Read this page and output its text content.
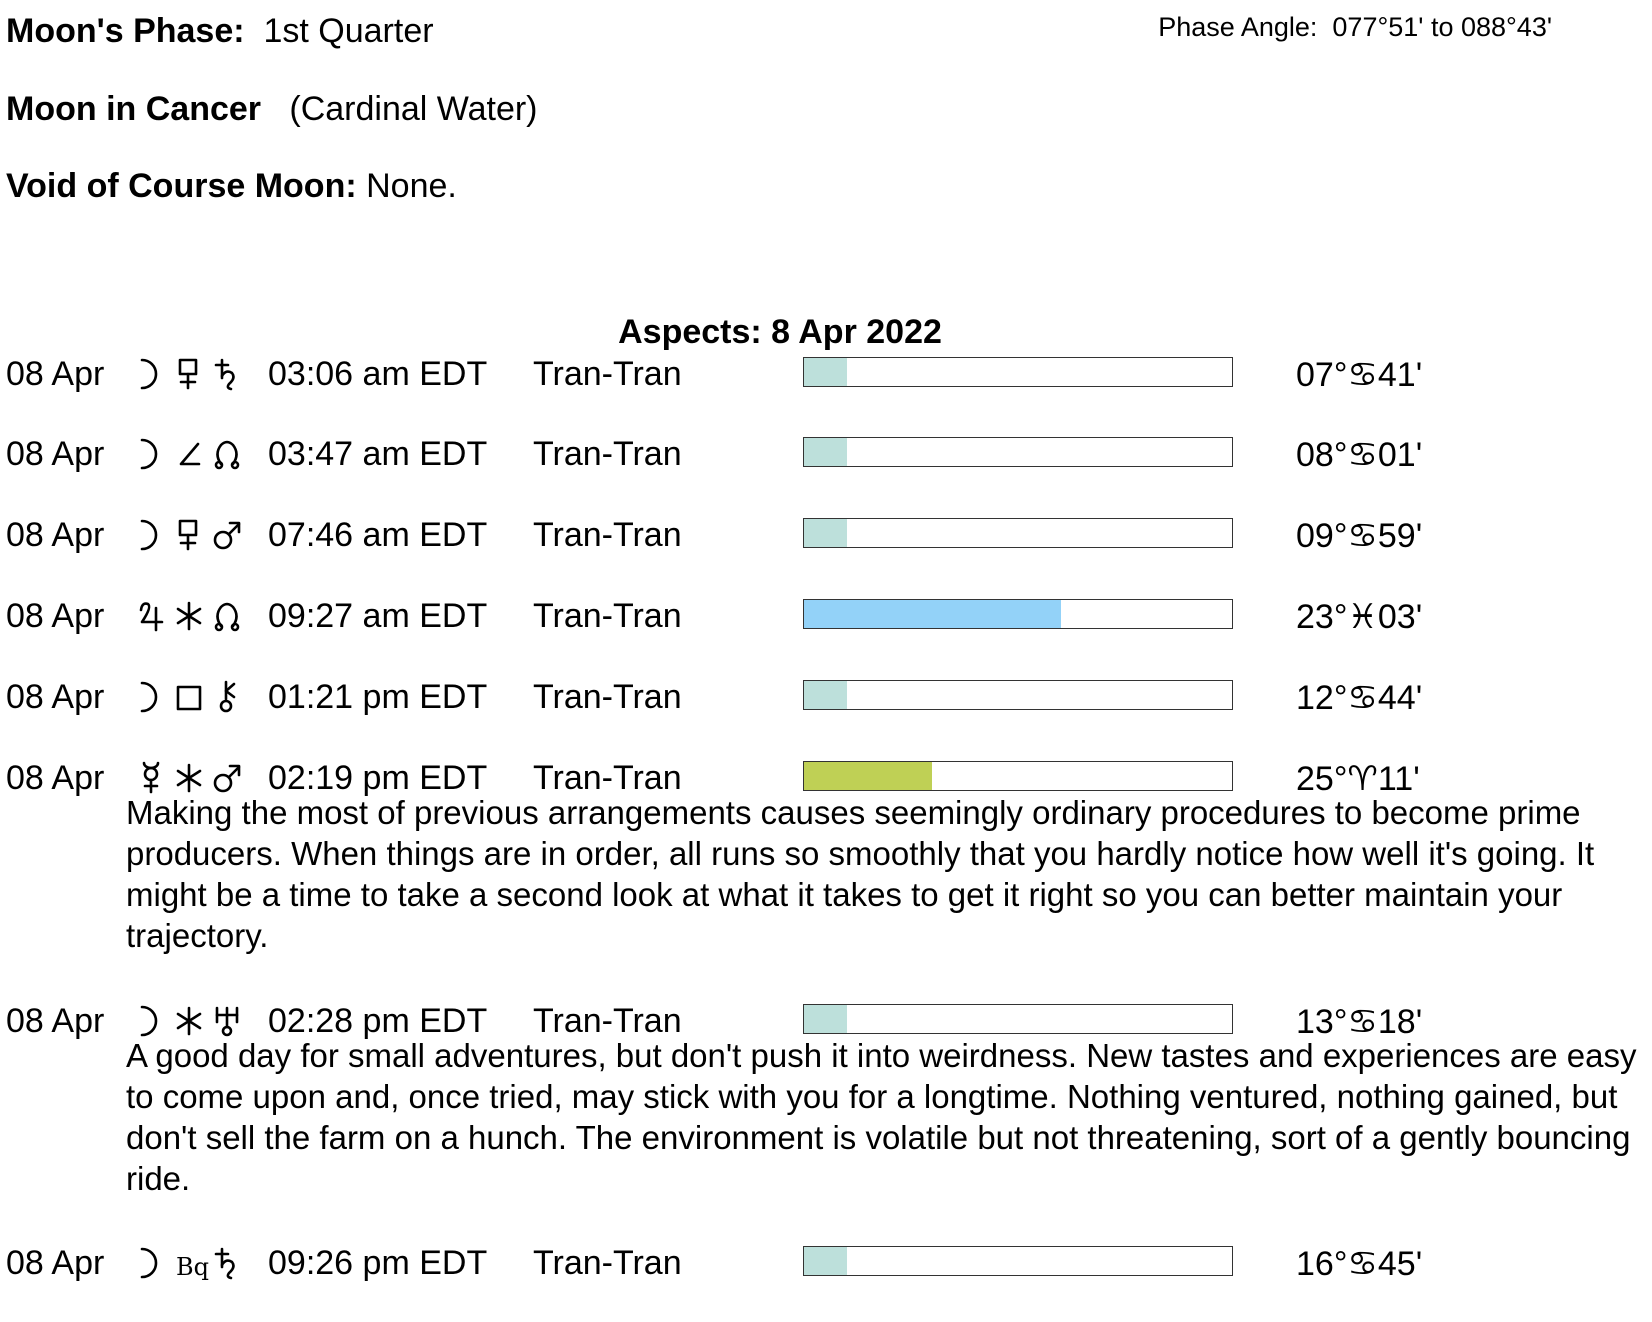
Moon's Phase: 1st Quarter	Phase Angle: 077°51' to 088°43'
Moon in Cancer (Cardinal Water)
Void of Course Moon: None.
Aspects: 8 Apr 2022
08 Apr	03:06 am EDT Tran-Tran	07°♋41'
08 Apr	03:47 am EDT Tran-Tran	08°♋01'
08 Apr	07:46 am EDT Tran-Tran	09°♋59'
08 Apr	09:27 am EDT Tran-Tran	23°♓03'
08 Apr	01:21 pm EDT Tran-Tran	12°♋44'
08 Apr	02:19 pm EDT Tran-Tran	25°♈11'
Making the most of previous arrangements causes seemingly ordinary procedures to become prime producers. When things are in order, all runs so smoothly that you hardly notice how well it's going. It might be a time to take a second look at what it takes to get it right so you can better maintain your trajectory.
08 Apr	02:28 pm EDT Tran-Tran	13°♋18'
A good day for small adventures, but don't push it into weirdness. New tastes and experiences are easy to come upon and, once tried, may stick with you for a longtime. Nothing ventured, nothing gained, but don't sell the farm on a hunch. The environment is volatile but not threatening, sort of a gently bouncing ride.
08 Apr	Bq 09:26 pm EDT Tran-Tran	16°♋45'
